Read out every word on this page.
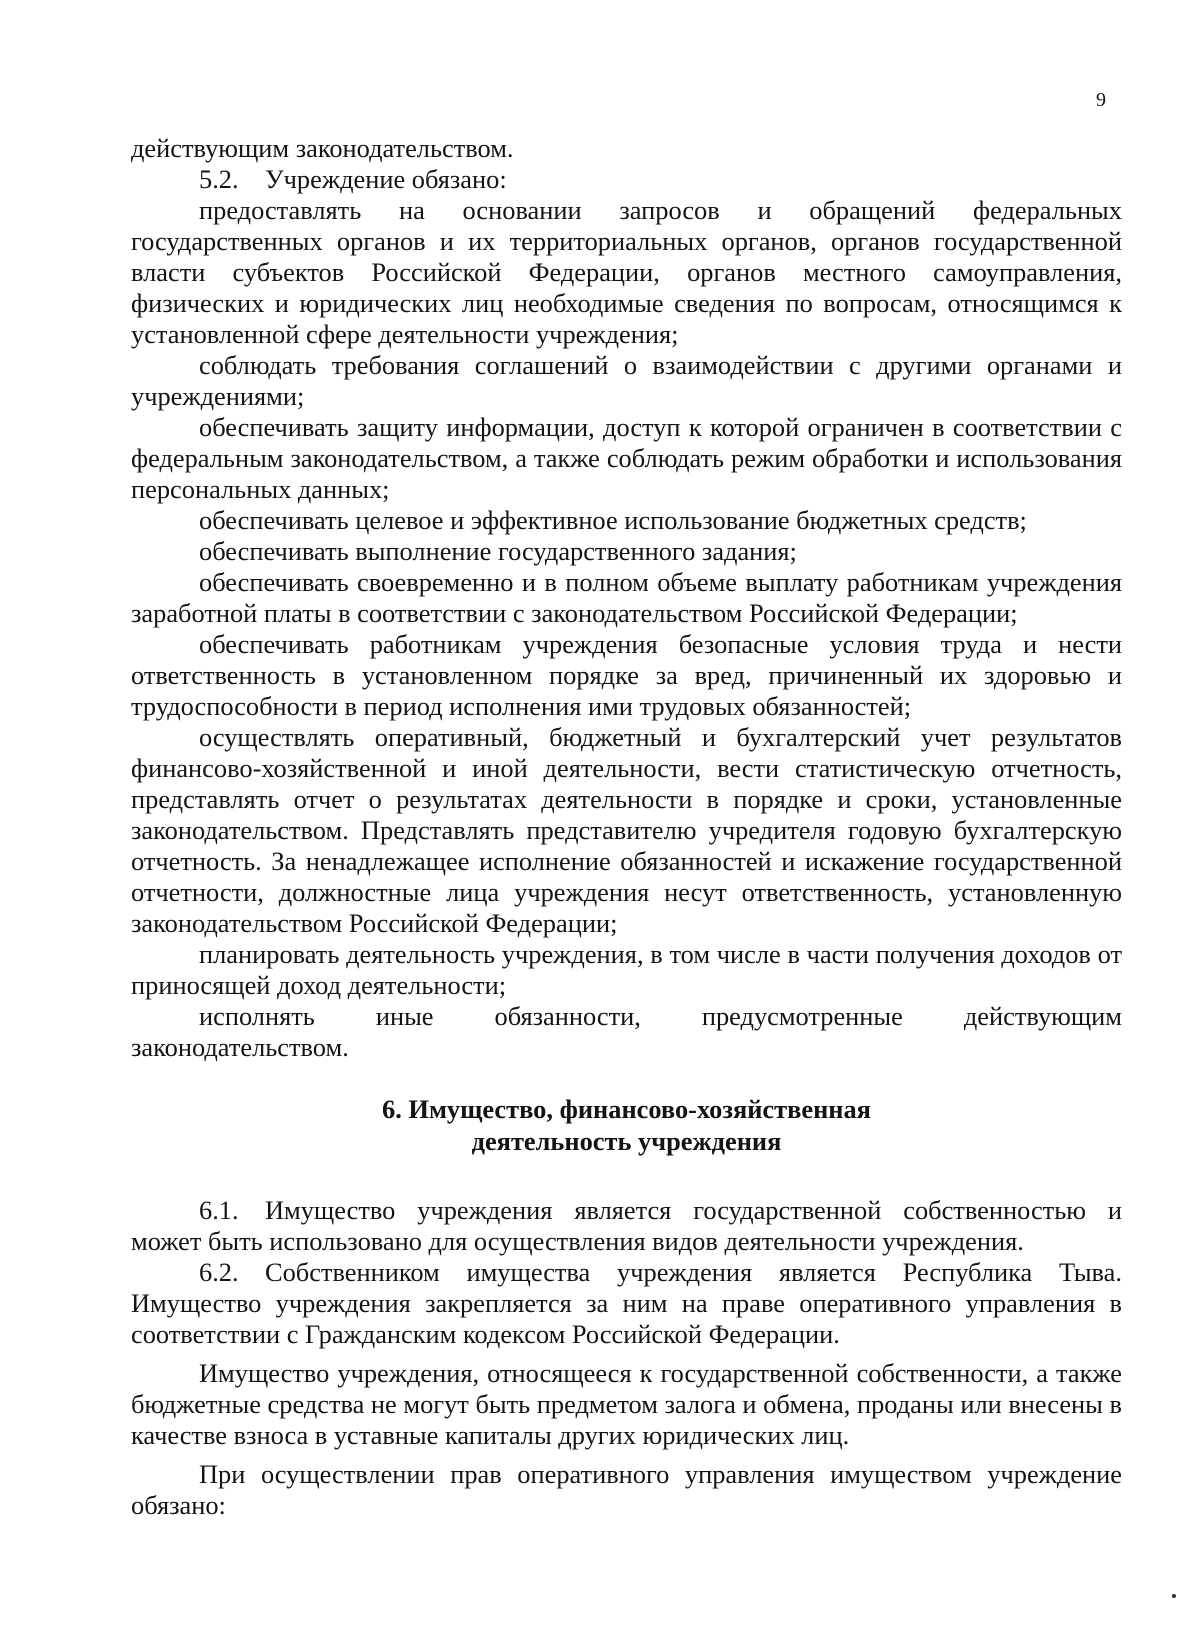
9

действующим законодательством.

5.2. Учреждение обязано:

предоставлять на основании запросов и обращений федеральных государственных органов и их территориальных органов, органов государственной власти субъектов Российской Федерации, органов местного самоуправления, физических и юридических лиц необходимые сведения по вопросам, относящимся к установленной сфере деятельности учреждения;

соблюдать требования соглашений о взаимодействии с другими органами и учреждениями;

обеспечивать защиту информации, доступ к которой ограничен в соответствии с федеральным законодательством, а также соблюдать режим обработки и использования персональных данных;

обеспечивать целевое и эффективное использование бюджетных средств;

обеспечивать выполнение государственного задания;

обеспечивать своевременно и в полном объеме выплату работникам учреждения заработной платы в соответствии с законодательством Российской Федерации;

обеспечивать работникам учреждения безопасные условия труда и нести ответственность в установленном порядке за вред, причиненный их здоровью и трудоспособности в период исполнения ими трудовых обязанностей;

осуществлять оперативный, бюджетный и бухгалтерский учет результатов финансово-хозяйственной и иной деятельности, вести статистическую отчетность, представлять отчет о результатах деятельности в порядке и сроки, установленные законодательством. Представлять представителю учредителя годовую бухгалтерскую отчетность. За ненадлежащее исполнение обязанностей и искажение государственной отчетности, должностные лица учреждения несут ответственность, установленную законодательством Российской Федерации;

планировать деятельность учреждения, в том числе в части получения доходов от приносящей доход деятельности;

исполнять иные обязанности, предусмотренные действующим законодательством.

6. Имущество, финансово-хозяйственная
деятельность учреждения

6.1. Имущество учреждения является государственной собственностью и может быть использовано для осуществления видов деятельности учреждения.

6.2. Собственником имущества учреждения является Республика Тыва. Имущество учреждения закрепляется за ним на праве оперативного управления в соответствии с Гражданским кодексом Российской Федерации.

Имущество учреждения, относящееся к государственной собственности, а также бюджетные средства не могут быть предметом залога и обмена, проданы или внесены в качестве взноса в уставные капиталы других юридических лиц.

При осуществлении прав оперативного управления имуществом учреждение обязано:
